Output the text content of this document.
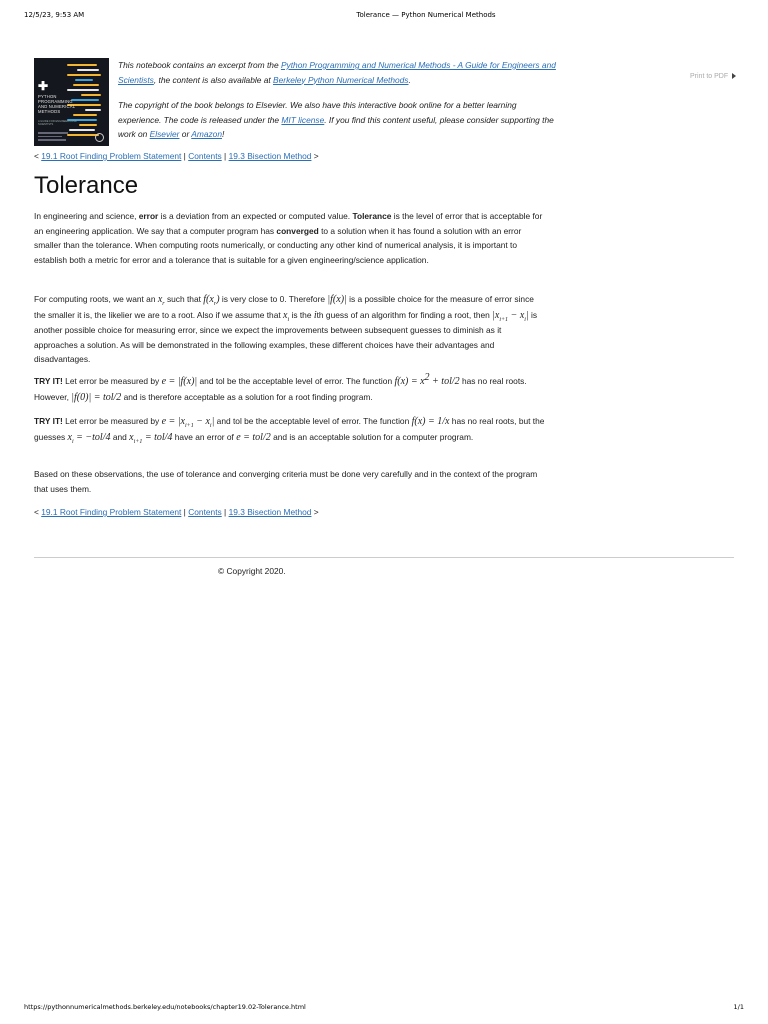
12/5/23, 9:53 AM	Tolerance — Python Numerical Methods
✚
PYTHON PROGRAMMING AND NUMERICAL METHODS
A GUIDE FOR ENGINEERS AND SCIENTISTS
This notebook contains an excerpt from the Python Programming and Numerical Methods - A Guide for Engineers and Scientists, the content is also available at Berkeley Python Numerical Methods.
The copyright of the book belongs to Elsevier. We also have this interactive book online for a better learning experience. The code is released under the MIT license. If you find this content useful, please consider supporting the work on Elsevier or Amazon!
Print to PDF
< 19.1 Root Finding Problem Statement | Contents | 19.3 Bisection Method >
Tolerance
In engineering and science, error is a deviation from an expected or computed value. Tolerance is the level of error that is acceptable for an engineering application. We say that a computer program has converged to a solution when it has found a solution with an error smaller than the tolerance. When computing roots numerically, or conducting any other kind of numerical analysis, it is important to establish both a metric for error and a tolerance that is suitable for a given engineering/science application.
For computing roots, we want an $x_r$ such that $f(x_r)$ is very close to 0. Therefore |f(x)| is a possible choice for the measure of error since the smaller it is, the likelier we are to a root. Also if we assume that $x_i$ is the ith guess of an algorithm for finding a root, then $|x_{i+1} - x_i|$ is another possible choice for measuring error, since we expect the improvements between subsequent guesses to diminish as it approaches a solution. As will be demonstrated in the following examples, these different choices have their advantages and disadvantages.
TRY IT! Let error be measured by e = |f(x)| and tol be the acceptable level of error. The function $f(x) = x^2 + tol/2$ has no real roots. However, |f(0)| = tol/2 and is therefore acceptable as a solution for a root finding program.
TRY IT! Let error be measured by $e = |x_{i+1} - x_i|$ and tol be the acceptable level of error. The function f(x) = 1/x has no real roots, but the guesses $x_i = -tol/4$ and $x_{i+1} = tol/4$ have an error of e = tol/2 and is an acceptable solution for a computer program.
Based on these observations, the use of tolerance and converging criteria must be done very carefully and in the context of the program that uses them.
< 19.1 Root Finding Problem Statement | Contents | 19.3 Bisection Method >
© Copyright 2020.
https://pythonnumericalmethods.berkeley.edu/notebooks/chapter19.02-Tolerance.html	1/1
